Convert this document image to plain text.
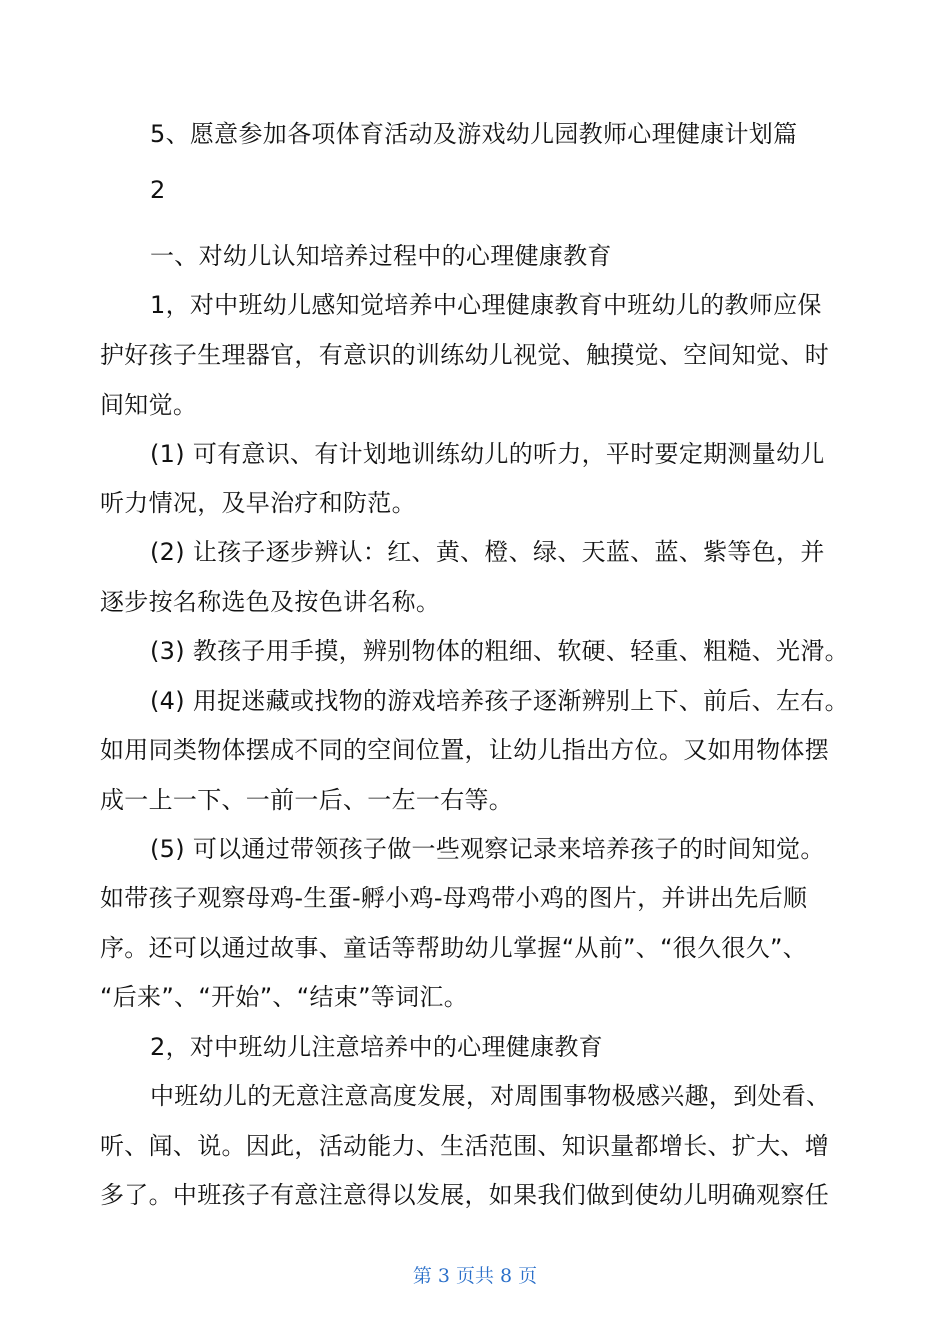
5、愿意参加各项体育活动及游戏幼儿园教师心理健康计划篇
2
一、对幼儿认知培养过程中的心理健康教育
1，对中班幼儿感知觉培养中心理健康教育中班幼儿的教师应保
护好孩子生理器官，有意识的训练幼儿视觉、触摸觉、空间知觉、时
间知觉。
(1) 可有意识、有计划地训练幼儿的听力，平时要定期测量幼儿
听力情况，及早治疗和防范。
(2) 让孩子逐步辨认：红、黄、橙、绿、天蓝、蓝、紫等色，并
逐步按名称选色及按色讲名称。
(3) 教孩子用手摸，辨别物体的粗细、软硬、轻重、粗糙、光滑。
(4) 用捉迷藏或找物的游戏培养孩子逐渐辨别上下、前后、左右。
如用同类物体摆成不同的空间位置，让幼儿指出方位。又如用物体摆
成一上一下、一前一后、一左一右等。
(5) 可以通过带领孩子做一些观察记录来培养孩子的时间知觉。
如带孩子观察母鸡-生蛋-孵小鸡-母鸡带小鸡的图片，并讲出先后顺
序。还可以通过故事、童话等帮助幼儿掌握“从前”、“很久很久”、
“后来”、“开始”、“结束”等词汇。
2，对中班幼儿注意培养中的心理健康教育
中班幼儿的无意注意高度发展，对周围事物极感兴趣，到处看、
听、闻、说。因此，活动能力、生活范围、知识量都增长、扩大、增
多了。中班孩子有意注意得以发展，如果我们做到使幼儿明确观察任
第 3 页共 8 页
